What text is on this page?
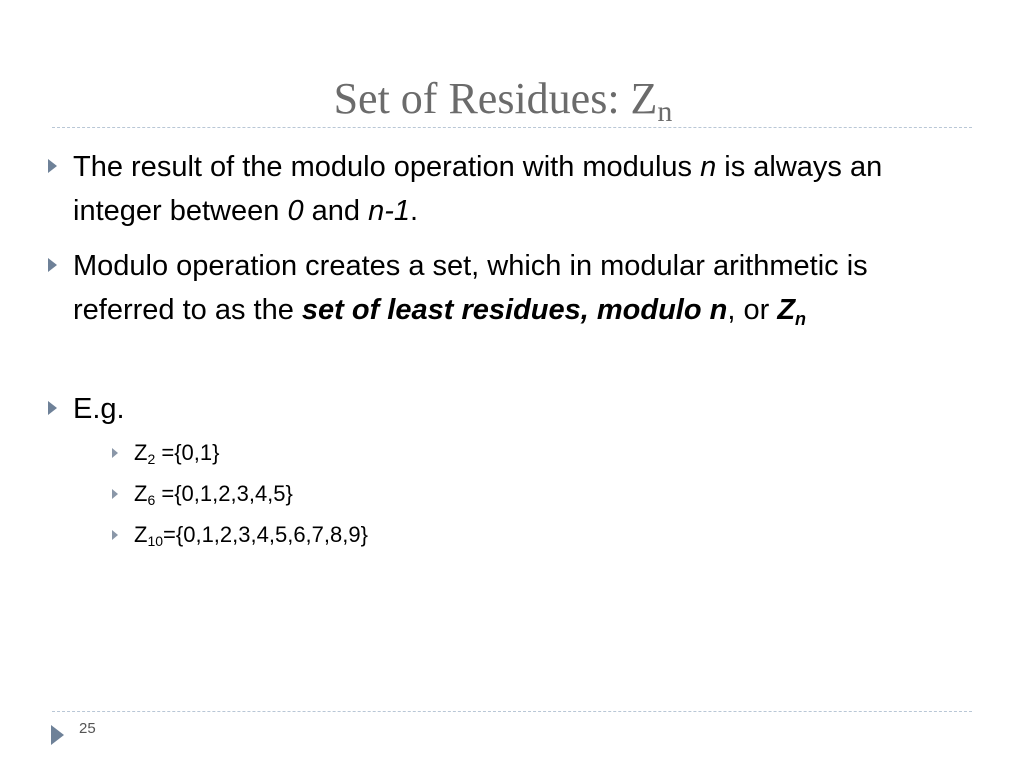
Set of Residues: $Z_n$
The result of the modulo operation with modulus n is always an integer between 0 and n-1.
Modulo operation creates a set, which in modular arithmetic is referred to as the set of least residues, modulo n, or $Z_n$
E.g.
$Z_2 =\{0,1\}$
$Z_6 =\{0,1,2,3,4,5\}$
$Z_{10}=\{0,1,2,3,4,5,6,7,8,9\}$
25
